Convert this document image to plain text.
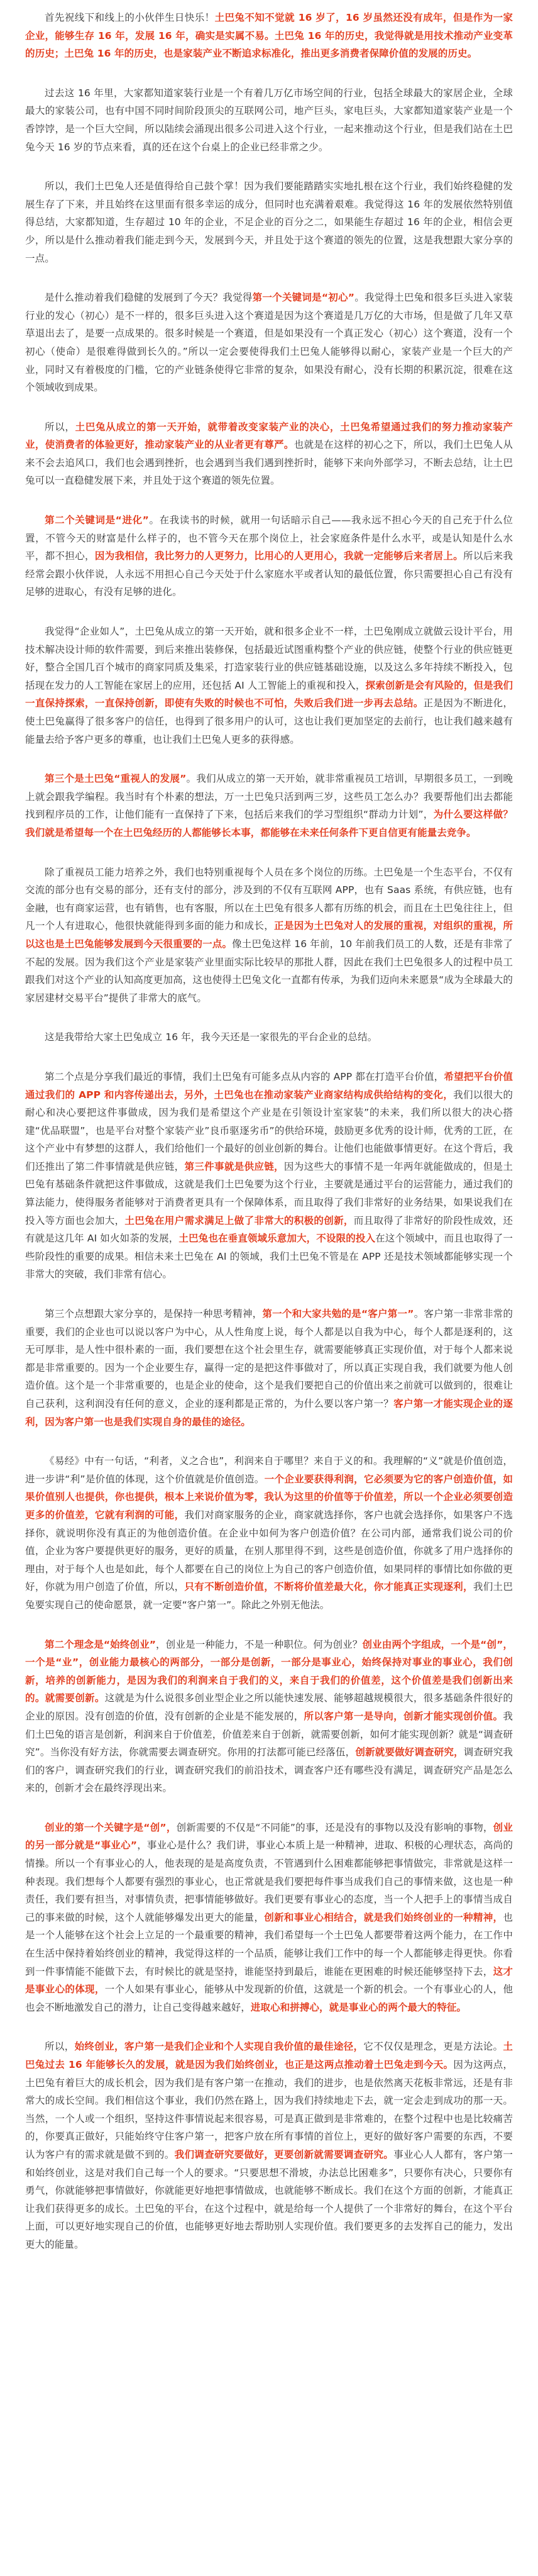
首先祝线下和线上的小伙伴生日快乐！土巴兔不知不觉就 16 岁了，16 岁虽然还没有成年，但是作为一家企业，能够生存 16 年，发展 16 年，确实是实属不易。土巴兔 16 年的历史，我觉得就是用技术推动产业变革的历史；土巴兔 16 年的历史，也是家装产业不断追求标准化，推出更多消费者保障价值的发展的历史。

过去这 16 年里，大家都知道家装行业是一个有着几万亿市场空间的行业，包括全球最大的家居企业，全球最大的家装公司，也有中国不同时间阶段顶尖的互联网公司，地产巨头，家电巨头，大家都知道家装产业是一个香饽饽，是一个巨大空间，所以陆续会涌现出很多公司进入这个行业，一起来推动这个行业，但是我们站在土巴兔今天 16 岁的节点来看，真的还在这个台桌上的企业已经非常之少。

所以，我们土巴兔人还是值得给自己鼓个掌！因为我们要能踏踏实实地扎根在这个行业，我们始终稳健的发展生存了下来，并且始终在这里面有很多幸运的成分，但同时也充满着艰难。我觉得这 16 年的发展依然特别值得总结，大家都知道，生存超过 10 年的企业，不足企业的百分之二，如果能生存超过 16 年的企业，相信会更少，所以是什么推动着我们能走到今天，发展到今天，并且处于这个赛道的领先的位置，这是我想跟大家分享的一点。

是什么推动着我们稳健的发展到了今天？我觉得第一个关键词是“初心”。我觉得土巴兔和很多巨头进入家装行业的发心（初心）是不一样的，很多巨头进入这个赛道是因为这个赛道是几万亿的大市场，但是做了几年又草草退出去了，是要一点成果的。很多时候是一个赛道，但是如果没有一个真正发心（初心）这个赛道，没有一个初心（使命）是很难得做到长久的。”所以一定会要使得我们土巴兔人能够得以耐心，家装产业是一个巨大的产业，同时又有着极度的门槛，它的产业链条使得它非常的复杂，如果没有耐心，没有长期的积累沉淀，很难在这个领域收到成果。

所以，土巴兔从成立的第一天开始，就带着改变家装产业的决心，土巴兔希望通过我们的努力推动家装产业，使消费者的体验更好，推动家装产业的从业者更有尊严。也就是在这样的初心之下，所以，我们土巴兔人从来不会去追风口，我们也会遇到挫折，也会遇到当我们遇到挫折时，能够下来向外部学习，不断去总结，让土巴兔可以一直稳健发展下来，并且处于这个赛道的领先位置。

第二个关键词是“进化”。在我读书的时候，就用一句话暗示自己——我永远不担心今天的自己充于什么位置，不管今天的财富是什么样子的，也不管今天在那个岗位上，社会家庭条件是什么水平，或是认知是什么水平，都不担心，因为我相信，我比努力的人更努力，比用心的人更用心，我就一定能够后来者居上。所以后来我经常会跟小伙伴说，人永远不用担心自己今天处于什么家庭水平或者认知的最低位置，你只需要担心自己有没有足够的进取心，有没有足够的进化。

我觉得“企业如人”，土巴兔从成立的第一天开始，就和很多企业不一样，土巴兔刚成立就做云设计平台，用技术解决设计师的软件需要，到后来推出装修保，包括最近试图重构整个产业的供应链，使整个行业的供应链更好，整合全国几百个城市的商家同质及集采，打造家装行业的供应链基础设施，以及这么多年持续不断投入，包括现在发力的人工智能在家居上的应用，还包括 AI 人工智能上的重视和投入，探索创新是会有风险的，但是我们一直保持探索，一直保持创新，即使有失败的时候也不可怕，失败后我们进一步再去总结。正是因为不断进化，使土巴兔赢得了很多客户的信任，也得到了很多用户的认可，这也让我们更加坚定的去前行，也让我们越来越有能量去给予客户更多的尊重，也让我们土巴兔人更多的获得感。

第三个是土巴兔“重视人的发展”。我们从成立的第一天开始，就非常重视员工培训，早期很多员工，一到晚上就会跟我学编程。我当时有个朴素的想法，万一土巴兔只活到两三岁，这些员工怎么办？我要帮他们出去都能找到程序员的工作，让他们能有一直保持了下来，包括后来我们的学习型组织“群动力计划”，为什么要这样做？我们就是希望每一个在土巴兔经历的人都能够长本事，都能够在未来任何条件下更自信更有能量去竞争。

除了重视员工能力培养之外，我们也特别重视每个人员在多个岗位的历练。土巴兔是一个生态平台，不仅有交流的部分也有交易的部分，还有支付的部分，涉及到的不仅有互联网 APP，也有 Saas 系统，有供应链，也有金融，也有商家运营，也有销售，也有客服，所以在土巴兔有很多人都有历练的机会，而且在土巴兔往往上，但凡一个人有进取心，他很快就能得到多面的能力和成长，正是因为土巴兔对人的发展的重视，对组织的重视，所以这也是土巴兔能够发展到今天很重要的一点。像土巴兔这样 16 年前，10 年前我们员工的人数，还是有非常了不起的发展。因为我们这个产业是家装产业里面实际比较早的那批人群，因此在我们土巴兔很多人的过程中员工跟我们对这个产业的认知高度更加高，这也使得土巴兔文化一直都有传承，为我们迈向未来愿景“成为全球最大的家居建材交易平台”提供了非常大的底气。

这是我带给大家土巴兔成立 16 年，我今天还是一家很先的平台企业的总结。

第二个点是分享我们最近的事情，我们土巴兔有可能多点从内容的 APP 都在打造平台价值，希望把平台价值通过我们的 APP 和内容传递出去，另外，土巴兔也在推动家装产业商家结构成供给结构的变化，我们以很大的耐心和决心要把这件事做成，因为我们是希望这个产业是在引领设计室家装”的未来，我们所以很大的决心搭建“优品联盟”，也是平台对整个家装产业”良币驱逐劣币”的供给环境，鼓励更多优秀的设计师，优秀的工匠，在这个产业中有梦想的这群人，我们给他们一个最好的创业创新的舞台。让他们也能做事情更好。在这个背后，我们还推出了第二件事情就是供应链，第三件事就是供应链，因为这些大的事情不是一年两年就能做成的，但是土巴兔有基础条件就把这件事做成，这就是我们土巴兔要为这个行业，主要就是通过平台的运营能力，通过我们的算法能力，使得服务者能够对于消费者更具有一个保障体系，而且取得了我们非常好的业务结果，如果说我们在投入等方面也会加大，土巴兔在用户需求满足上做了非常大的积极的创新，而且取得了非常好的阶段性成效，还有就是这几年 AI 如火如荼的发展，土巴兔也在垂直领域乐意加大，不设限的投入在这个领域中，而且也取得了一些阶段性的重要的成果。相信未来土巴兔在 AI 的领域，我们土巴兔不管是在 APP 还是技术领域都能够实现一个非常大的突破，我们非常有信心。

第三个点想跟大家分享的，是保持一种思考精神，第一个和大家共勉的是“客户第一”。客户第一非常非常的重要，我们的企业也可以说以客户为中心，从人性角度上说，每个人都是以自我为中心，每个人都是逐利的，这无可厚非，是人性中很朴素的一面，我们要想在这个社会里生存，就需要能够真正实现价值，对于每个人都来说都是非常重要的。因为一个企业要生存，赢得一定的是把这件事做对了，所以真正实现自我，我们就要为他人创造价值。这个是一个非常重要的，也是企业的使命，这个是我们要把自己的价值出来之前就可以做到的，很难让自己获利，这利润没有任何的意义，企业的逐利都是正常的，为什么要以客户第一？客户第一才能实现企业的逐利，因为客户第一也是我们实现自身的最佳的途径。

《易经》中有一句话，“利者，义之合也”，利润来自于哪里？来自于义的和。我理解的“义”就是价值创造，进一步讲“利”是价值的体现，这个价值就是价值创造。一个企业要获得利润，它必须要为它的客户创造价值，如果价值别人也提供，你也提供，根本上来说价值为零，我认为这里的价值等于价值差，所以一个企业必须要创造更多的价值差，它就有利润的可能，我们对商家服务的企业，商家就选择你，客户也就会选择你，如果客户不选择你，就说明你没有真正的为他创造价值。在企业中如何为客户创造价值？在公司内部，通常我们说公司的价值，企业为客户要提供更好的服务，更好的质量，在别人那里得不到，这些是创造价值，你就多了用户选择你的理由，对于每个人也是如此，每个人都要在自己的岗位上为自己的客户创造价值，如果同样的事情比如你做的更好，你就为用户创造了价值，所以，只有不断创造价值，不断将价值差最大化，你才能真正实现逐利，我们土巴兔要实现自己的使命愿景，就一定要“客户第一”。除此之外别无他法。

第二个理念是“始终创业”，创业是一种能力，不是一种职位。何为创业？创业由两个字组成，一个是“创”，一个是“业”，创业能力最核心的两部分，一部分是创新，一部分是事业心，始终保持对事业的事业心，我们创新，培养的创新能力，是因为我们的利润来自于我们的义，来自于我们的价值差，这个价值差是我们创新出来的。就需要创新。这就是为什么说很多创业型企业之所以能快速发展、能够超越规模很大，很多基础条件很好的企业的原因。没有创造的价值，没有创新的企业是不能发展的，所以客户第一是导向，创新才能实现创价值。我们土巴兔的语言是创新，利润来自于价值差，价值差来自于创新，就需要创新，如何才能实现创新？就是“调查研究”。当你没有好方法，你就需要去调查研究。你用的打法都可能已经落伍，创新就要做好调查研究，调查研究我们的客户，调查研究我们的行业，调查研究我们的前沿技术，调查客户还有哪些没有满足，调查研究产品是怎么来的，创新才会在最终浮现出来。

创业的第一个关键字是“创”，创新需要的不仅是“不同能”的事，还是没有的事物以及没有影响的事物，创业的另一部分就是“事业心”，事业心是什么？我们讲，事业心本质上是一种精神，进取、积极的心理状态，高尚的情操。所以一个有事业心的人，他表现的是是高度负责，不管遇到什么困难都能够把事情做完，非常就是这样一种表现。我们想每个人都要有强烈的事业心，也正常就是我们要把每件事当成我们自己的事情来做，这也是一种责任，我们要有担当，对事情负责，把事情能够做好。我们更要有事业心的态度，当一个人把手上的事情当成自己的事来做的时候，这个人就能够爆发出更大的能量，创新和事业心相结合，就是我们始终创业的一种精神，也是一个人能够在这个社会上立足的一个最重要的精神，我们希望每一个土巴兔人都要带着这两个能力，在工作中在生活中保持着始终创业的精神，我觉得这样的一个品质，能够让我们工作中的每一个人都能够走得更快。你看到一件事情能不能做下去，有时候比的就是坚持，谁能坚持到最后，谁能在更困难的时候还能够坚持下去，这才是事业心的体现，一个人如果有事业心，能够从中发现新的价值，这就是一个新的机会。一个有事业心的人，他也会不断地激发自己的潜力，让自己变得越来越好，进取心和拼搏心，就是事业心的两个最大的特征。

所以，始终创业，客户第一是我们企业和个人实现自我价值的最佳途径，它不仅仅是理念，更是方法论。土巴兔过去 16 年能够长久的发展，就是因为我们始终创业，也正是这两点推动着土巴兔走到今天。因为这两点，土巴兔有着巨大的成长机会，因为我们是有客户第一在推动，我们的进步，也是依然离天花板非常远，还是有非常大的成长空间。我们相信这个事业，我们仍然在路上，因为我们持续地走下去，就一定会走到成功的那一天。当然，一个人或一个组织，坚持这件事情说起来很容易，可是真正做到是非常难的，在整个过程中也是比较痛苦的，你要真正做好，只能始终守住客户第一，把客户放在所有事情的首位上，更好的做好客户需要的东西，不要认为客户有的需求就是做不到的。我们调查研究要做好，更要创新就需要调查研究。事业心人人都有，客户第一和始终创业，这是对我们自己每一个人的要求。“只要思想不滑坡，办法总比困难多”，只要你有决心，只要你有勇气，你就能够把事情做好，你就能更好地把事情做成，也就能够不断成长。我们在这个方面的创新，才能真正让我们获得更多的成长。土巴兔的平台，在这个过程中，就是给每一个人提供了一个非常好的舞台，在这个平台上面，可以更好地实现自己的价值，也能够更好地去帮助别人实现价值。我们要更多的去发挥自己的能力，发出更大的能量。
